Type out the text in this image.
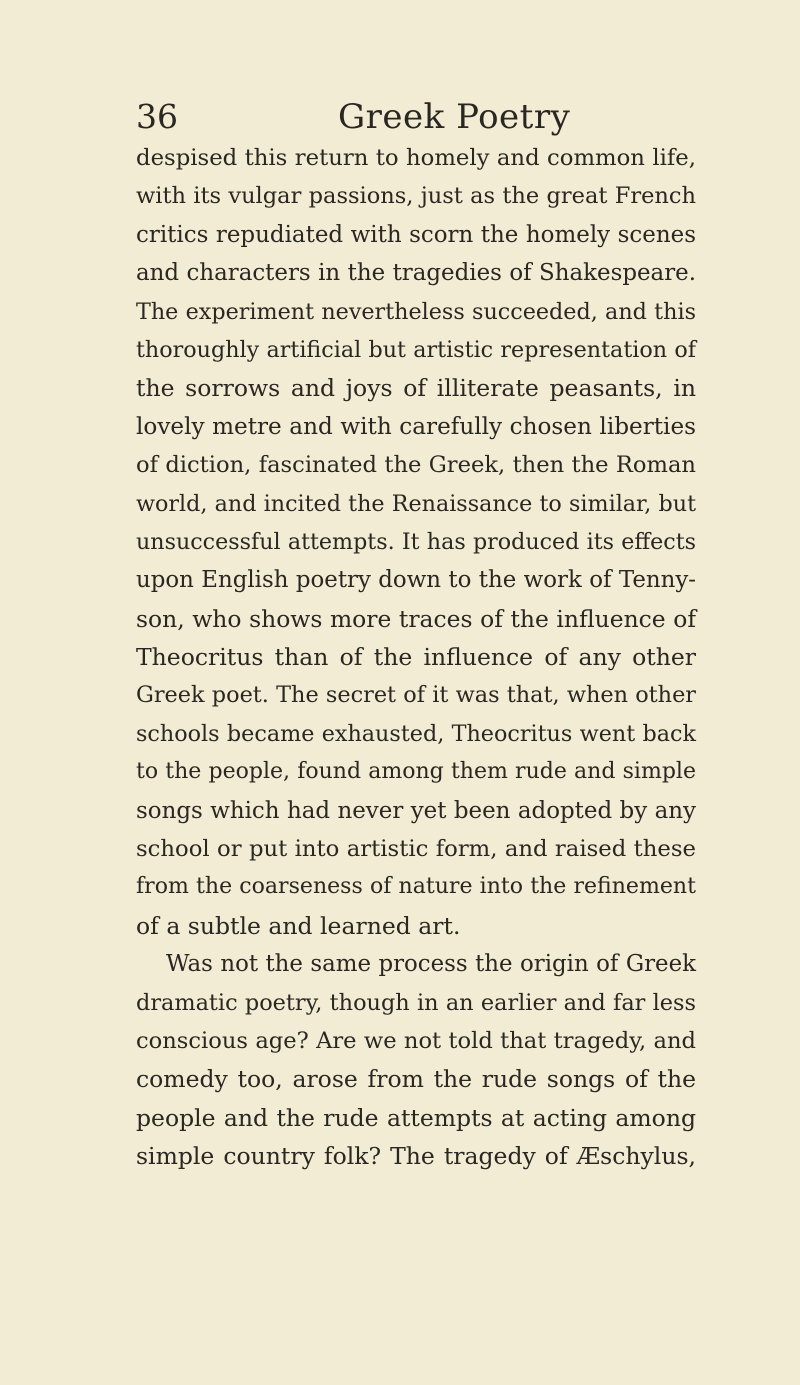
36	Greek Poetry
despised this return to homely and common life,
with its vulgar passions, just as the great French
critics repudiated with scorn the homely scenes
and characters in the tragedies of Shakespeare.
The experiment nevertheless succeeded, and this
thoroughly artificial but artistic representation of
the sorrows and joys of illiterate peasants, in
lovely metre and with carefully chosen liberties
of diction, fascinated the Greek, then the Roman
world, and incited the Renaissance to similar, but
unsuccessful attempts. It has produced its effects
upon English poetry down to the work of Tenny-
son, who shows more traces of the influence of
Theocritus than of the influence of any other
Greek poet. The secret of it was that, when other
schools became exhausted, Theocritus went back
to the people, found among them rude and simple
songs which had never yet been adopted by any
school or put into artistic form, and raised these
from the coarseness of nature into the refinement
of a subtle and learned art.
Was not the same process the origin of Greek
dramatic poetry, though in an earlier and far less
conscious age? Are we not told that tragedy, and
comedy too, arose from the rude songs of the
people and the rude attempts at acting among
simple country folk? The tragedy of Æschylus,
